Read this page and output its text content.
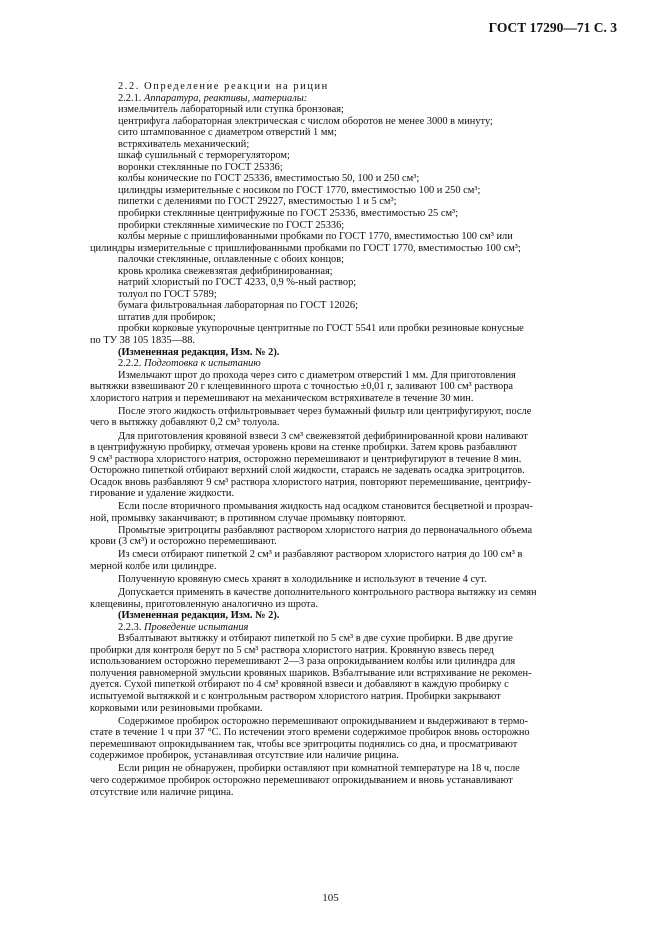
ГОСТ 17290—71 С. 3

2.2. Определение реакции на рицин

2.2.1. Аппаратура, реактивы, материалы:

измельчитель лабораторный или ступка бронзовая;
центрифуга лабораторная электрическая с числом оборотов не менее 3000 в минуту;
сито штампованное с диаметром отверстий 1 мм;
встряхиватель механический;
шкаф сушильный с терморегулятором;
воронки стеклянные по ГОСТ 25336;
колбы конические по ГОСТ 25336, вместимостью 50, 100 и 250 см³;
цилиндры измерительные с носиком по ГОСТ 1770, вместимостью 100 и 250 см³;
пипетки с делениями по ГОСТ 29227, вместимостью 1 и 5 см³;
пробирки стеклянные центрифужные по ГОСТ 25336, вместимостью 25 см³;
пробирки стеклянные химические по ГОСТ 25336;
колбы мерные с пришлифованными пробками по ГОСТ 1770, вместимостью 100 см³ или
цилиндры измерительные с пришлифованными пробками по ГОСТ 1770, вместимостью 100 см³;
палочки стеклянные, оплавленные с обоих концов;
кровь кролика свежевзятая дефибринированная;
натрий хлористый по ГОСТ 4233, 0,9 %-ный раствор;
толуол по ГОСТ 5789;
бумага фильтровальная лабораторная по ГОСТ 12026;
штатив для пробирок;
пробки корковые укупорочные центритные по ГОСТ 5541 или пробки резиновые конусные
по ТУ 38 105 1835—88.

(Измененная редакция, Изм. № 2).

2.2.2. Подготовка к испытанию

Измельчают шрот до прохода через сито с диаметром отверстий 1 мм. Для приготовления
вытяжки взвешивают 20 г клещевинного шрота с точностью ±0,01 г, заливают 100 см³ раствора
хлористого натрия и перемешивают на механическом встряхивателе в течение 30 мин.
После этого жидкость отфильтровывает через бумажный фильтр или центрифугируют, после
чего в вытяжку добавляют 0,2 см³ толуола.
Для приготовления кровяной взвеси 3 см³ свежевзятой дефибринированной крови наливают
в центрифужную пробирку, отмечая уровень крови на стенке пробирки. Затем кровь разбавляют
9 см³ раствора хлористого натрия, осторожно перемешивают и центрифугируют в течение 8 мин.
Осторожно пипеткой отбирают верхний слой жидкости, стараясь не задевать осадка эритроцитов.
Осадок вновь разбавляют 9 см³ раствора хлористого натрия, повторяют перемешивание, центрифу-
гирование и удаление жидкости.
Если после вторичного промывания жидкость над осадком становится бесцветной и прозрач-
ной, промывку заканчивают; в противном случае промывку повторяют.
Промытые эритроциты разбавляют раствором хлористого натрия до первоначального объема
крови (3 см³) и осторожно перемешивают.
Из смеси отбирают пипеткой 2 см³ и разбавляют раствором хлористого натрия до 100 см³ в
мерной колбе или цилиндре.
Полученную кровяную смесь хранят в холодильнике и используют в течение 4 сут.
Допускается применять в качестве дополнительного контрольного раствора вытяжку из семян
клещевины, приготовленную аналогично из шрота.

(Измененная редакция, Изм. № 2).

2.2.3. Проведение испытания

Взбалтывают вытяжку и отбирают пипеткой по 5 см³ в две сухие пробирки. В две другие
пробирки для контроля берут по 5 см³ раствора хлористого натрия. Кровяную взвесь перед
использованием осторожно перемешивают 2—3 раза опрокидыванием колбы или цилиндра для
получения равномерной эмульсии кровяных шариков. Взбалтывание или встряхивание не рекомен-
дуется. Сухой пипеткой отбирают по 4 см³ кровяной взвеси и добавляют в каждую пробирку с
испытуемой вытяжкой и с контрольным раствором хлористого натрия. Пробирки закрывают
корковыми или резиновыми пробками.
Содержимое пробирок осторожно перемешивают опрокидыванием и выдерживают в термо-
стате в течение 1 ч при 37 °С. По истечении этого времени содержимое пробирок вновь осторожно
перемешивают опрокидыванием так, чтобы все эритроциты поднялись со дна, и просматривают
содержимое пробирок, устанавливая отсутствие или наличие рицина.
Если рицин не обнаружен, пробирки оставляют при комнатной температуре на 18 ч, после
чего содержимое пробирок осторожно перемешивают опрокидыванием и вновь устанавливают
отсутствие или наличие рицина.
105
